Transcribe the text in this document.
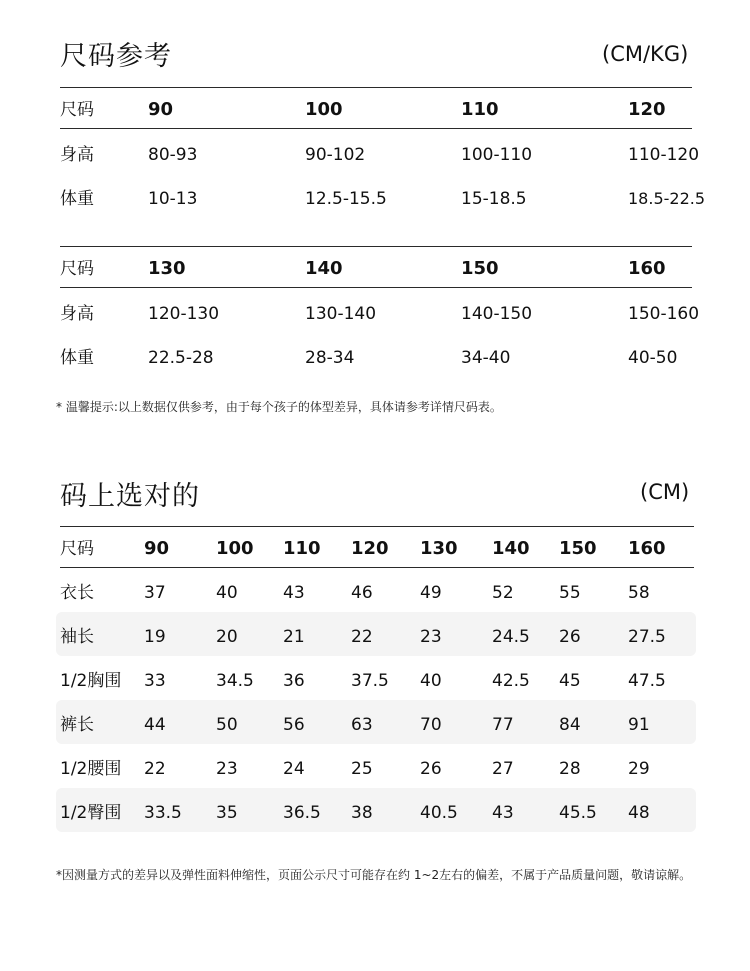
尺码参考	(CM/KG)
尺码	90	100	110	120
身高	80-93	90-102	100-110	110-120
体重	10-13	12.5-15.5	15-18.5	18.5-22.5
尺码	130	140	150	160
身高	120-130	130-140	140-150	150-160
体重	22.5-28	28-34	34-40	40-50
* 温馨提示:以上数据仅供参考，由于每个孩子的体型差异，具体请参考详情尺码表。
码上选对的	(CM)
尺码	90	100 110 120 130 140 150 160
衣长	37	40	43	46	49	52	55	58
袖长	19	20	21	22	23	24.5 26	27.5
1/2胸围 33	34.5 36	37.5 40	42.5 45	47.5
裤长	44	50	56	63	70	77	84	91
1/2腰围 22	23	24	25	26	27	28	29
1/2臀围 33.5 35	36.5 38	40.5 43	45.5 48
*因测量方式的差异以及弹性面料伸缩性，页面公示尺寸可能存在约 1~2左右的偏差，不属于产品质量问题，敬请谅解。
